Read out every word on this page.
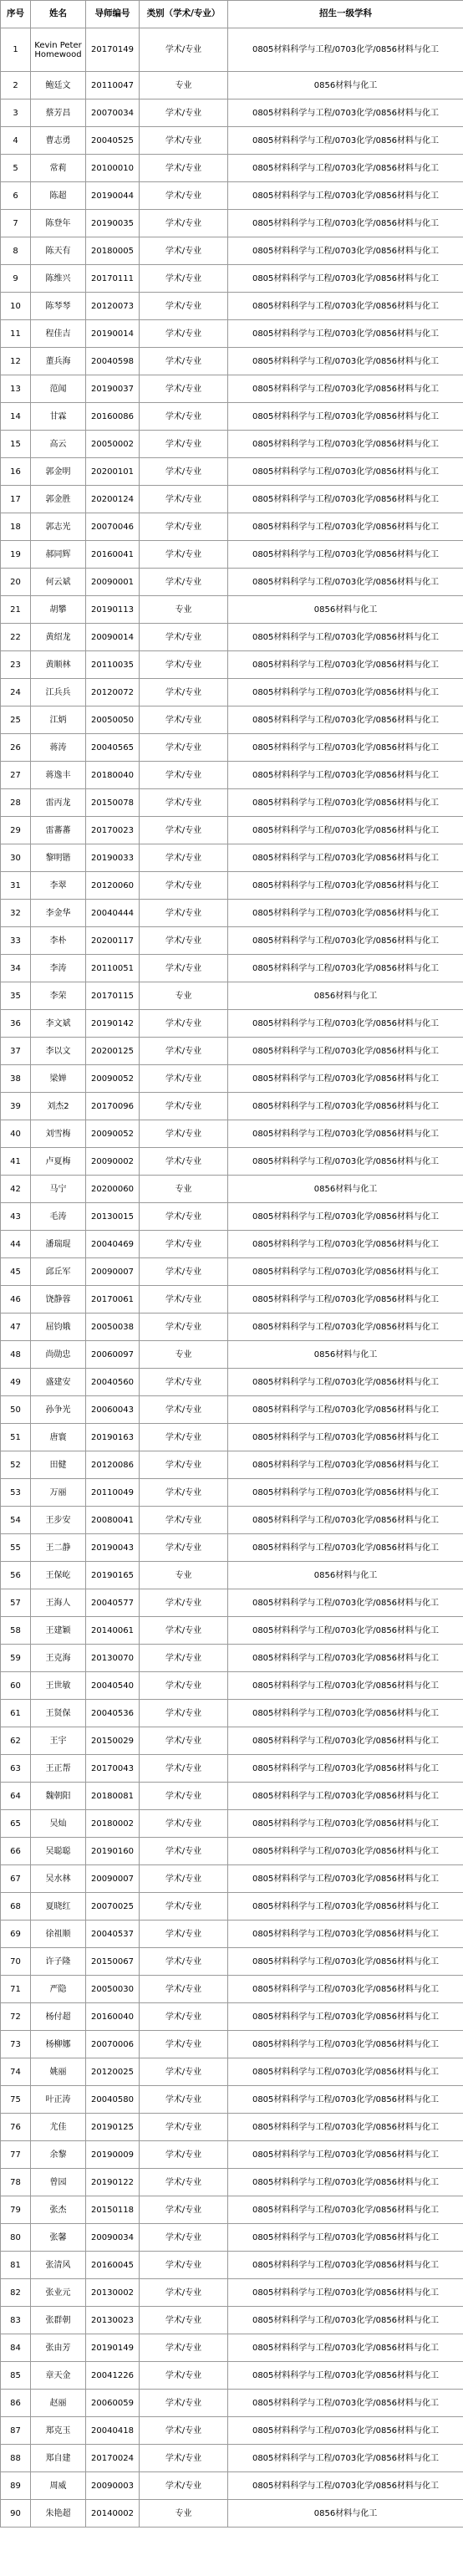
序号	姓名	导师编号	类别（学术/专业）	招生一级学科
1	Kevin Peter Homewood	20170149	学术/专业	0805材料科学与工程/0703化学/0856材料与化工
2	鲍廷文	20110047	专业	0856材料与化工
3	蔡芳昌	20070034	学术/专业	0805材料科学与工程/0703化学/0856材料与化工
4	曹志勇	20040525	学术/专业	0805材料科学与工程/0703化学/0856材料与化工
5	常莉	20100010	学术/专业	0805材料科学与工程/0703化学/0856材料与化工
6	陈超	20190044	学术/专业	0805材料科学与工程/0703化学/0856材料与化工
7	陈登年	20190035	学术/专业	0805材料科学与工程/0703化学/0856材料与化工
8	陈天有	20180005	学术/专业	0805材料科学与工程/0703化学/0856材料与化工
9	陈维兴	20170111	学术/专业	0805材料科学与工程/0703化学/0856材料与化工
10	陈琴琴	20120073	学术/专业	0805材料科学与工程/0703化学/0856材料与化工
11	程佳吉	20190014	学术/专业	0805材料科学与工程/0703化学/0856材料与化工
12	董兵海	20040598	学术/专业	0805材料科学与工程/0703化学/0856材料与化工
13	范闻	20190037	学术/专业	0805材料科学与工程/0703化学/0856材料与化工
14	甘霖	20160086	学术/专业	0805材料科学与工程/0703化学/0856材料与化工
15	高云	20050002	学术/专业	0805材料科学与工程/0703化学/0856材料与化工
16	郭金明	20200101	学术/专业	0805材料科学与工程/0703化学/0856材料与化工
17	郭金胜	20200124	学术/专业	0805材料科学与工程/0703化学/0856材料与化工
18	郭志光	20070046	学术/专业	0805材料科学与工程/0703化学/0856材料与化工
19	郝同辉	20160041	学术/专业	0805材料科学与工程/0703化学/0856材料与化工
20	何云斌	20090001	学术/专业	0805材料科学与工程/0703化学/0856材料与化工
21	胡攀	20190113	专业	0856材料与化工
22	黄绍龙	20090014	学术/专业	0805材料科学与工程/0703化学/0856材料与化工
23	黄顺林	20110035	学术/专业	0805材料科学与工程/0703化学/0856材料与化工
24	江兵兵	20120072	学术/专业	0805材料科学与工程/0703化学/0856材料与化工
25	江炳	20050050	学术/专业	0805材料科学与工程/0703化学/0856材料与化工
26	蒋涛	20040565	学术/专业	0805材料科学与工程/0703化学/0856材料与化工
27	蒋逸丰	20180040	学术/专业	0805材料科学与工程/0703化学/0856材料与化工
28	雷丙龙	20150078	学术/专业	0805材料科学与工程/0703化学/0856材料与化工
29	雷蕃蕃	20170023	学术/专业	0805材料科学与工程/0703化学/0856材料与化工
30	黎明锴	20190033	学术/专业	0805材料科学与工程/0703化学/0856材料与化工
31	李翠	20120060	学术/专业	0805材料科学与工程/0703化学/0856材料与化工
32	李金华	20040444	学术/专业	0805材料科学与工程/0703化学/0856材料与化工
33	李朴	20200117	学术/专业	0805材料科学与工程/0703化学/0856材料与化工
34	李涛	20110051	学术/专业	0805材料科学与工程/0703化学/0856材料与化工
35	李荣	20170115	专业	0856材料与化工
36	李文斌	20190142	学术/专业	0805材料科学与工程/0703化学/0856材料与化工
37	李以文	20200125	学术/专业	0805材料科学与工程/0703化学/0856材料与化工
38	梁婵	20090052	学术/专业	0805材料科学与工程/0703化学/0856材料与化工
39	刘杰2	20170096	学术/专业	0805材料科学与工程/0703化学/0856材料与化工
40	刘雪梅	20090052	学术/专业	0805材料科学与工程/0703化学/0856材料与化工
41	卢夏梅	20090002	学术/专业	0805材料科学与工程/0703化学/0856材料与化工
42	马宁	20200060	专业	0856材料与化工
43	毛涛	20130015	学术/专业	0805材料科学与工程/0703化学/0856材料与化工
44	潘瑞琨	20040469	学术/专业	0805材料科学与工程/0703化学/0856材料与化工
45	邱丘军	20090007	学术/专业	0805材料科学与工程/0703化学/0856材料与化工
46	饶静蓉	20170061	学术/专业	0805材料科学与工程/0703化学/0856材料与化工
47	屈钧娥	20050038	学术/专业	0805材料科学与工程/0703化学/0856材料与化工
48	尚勋忠	20060097	专业	0856材料与化工
49	盛建安	20040560	学术/专业	0805材料科学与工程/0703化学/0856材料与化工
50	孙争光	20060043	学术/专业	0805材料科学与工程/0703化学/0856材料与化工
51	唐寰	20190163	学术/专业	0805材料科学与工程/0703化学/0856材料与化工
52	田健	20120086	学术/专业	0805材料科学与工程/0703化学/0856材料与化工
53	万丽	20110049	学术/专业	0805材料科学与工程/0703化学/0856材料与化工
54	王步安	20080041	学术/专业	0805材料科学与工程/0703化学/0856材料与化工
55	王二静	20190043	学术/专业	0805材料科学与工程/0703化学/0856材料与化工
56	王保屹	20190165	专业	0856材料与化工
57	王海人	20040577	学术/专业	0805材料科学与工程/0703化学/0856材料与化工
58	王建颖	20140061	学术/专业	0805材料科学与工程/0703化学/0856材料与化工
59	王克海	20130070	学术/专业	0805材料科学与工程/0703化学/0856材料与化工
60	王世敏	20040540	学术/专业	0805材料科学与工程/0703化学/0856材料与化工
61	王贤保	20040536	学术/专业	0805材料科学与工程/0703化学/0856材料与化工
62	王宇	20150029	学术/专业	0805材料科学与工程/0703化学/0856材料与化工
63	王正帮	20170043	学术/专业	0805材料科学与工程/0703化学/0856材料与化工
64	魏朝阳	20180081	学术/专业	0805材料科学与工程/0703化学/0856材料与化工
65	吴灿	20180002	学术/专业	0805材料科学与工程/0703化学/0856材料与化工
66	吴聪聪	20190160	学术/专业	0805材料科学与工程/0703化学/0856材料与化工
67	吴水林	20090007	学术/专业	0805材料科学与工程/0703化学/0856材料与化工
68	夏晓红	20070025	学术/专业	0805材料科学与工程/0703化学/0856材料与化工
69	徐祖顺	20040537	学术/专业	0805材料科学与工程/0703化学/0856材料与化工
70	许子隆	20150067	学术/专业	0805材料科学与工程/0703化学/0856材料与化工
71	严隐	20050030	学术/专业	0805材料科学与工程/0703化学/0856材料与化工
72	杨付超	20160040	学术/专业	0805材料科学与工程/0703化学/0856材料与化工
73	杨柳娜	20070006	学术/专业	0805材料科学与工程/0703化学/0856材料与化工
74	姚丽	20120025	学术/专业	0805材料科学与工程/0703化学/0856材料与化工
75	叶正涛	20040580	学术/专业	0805材料科学与工程/0703化学/0856材料与化工
76	尤佳	20190125	学术/专业	0805材料科学与工程/0703化学/0856材料与化工
77	余黎	20190009	学术/专业	0805材料科学与工程/0703化学/0856材料与化工
78	曾园	20190122	学术/专业	0805材料科学与工程/0703化学/0856材料与化工
79	张杰	20150118	学术/专业	0805材料科学与工程/0703化学/0856材料与化工
80	张馨	20090034	学术/专业	0805材料科学与工程/0703化学/0856材料与化工
81	张清风	20160045	学术/专业	0805材料科学与工程/0703化学/0856材料与化工
82	张业元	20130002	学术/专业	0805材料科学与工程/0703化学/0856材料与化工
83	张群朝	20130023	学术/专业	0805材料科学与工程/0703化学/0856材料与化工
84	张由芳	20190149	学术/专业	0805材料科学与工程/0703化学/0856材料与化工
85	章天金	20041226	学术/专业	0805材料科学与工程/0703化学/0856材料与化工
86	赵丽	20060059	学术/专业	0805材料科学与工程/0703化学/0856材料与化工
87	郑克玉	20040418	学术/专业	0805材料科学与工程/0703化学/0856材料与化工
88	郑自建	20170024	学术/专业	0805材料科学与工程/0703化学/0856材料与化工
89	周威	20090003	学术/专业	0805材料科学与工程/0703化学/0856材料与化工
90	朱艳超	20140002	专业	0856材料与化工
